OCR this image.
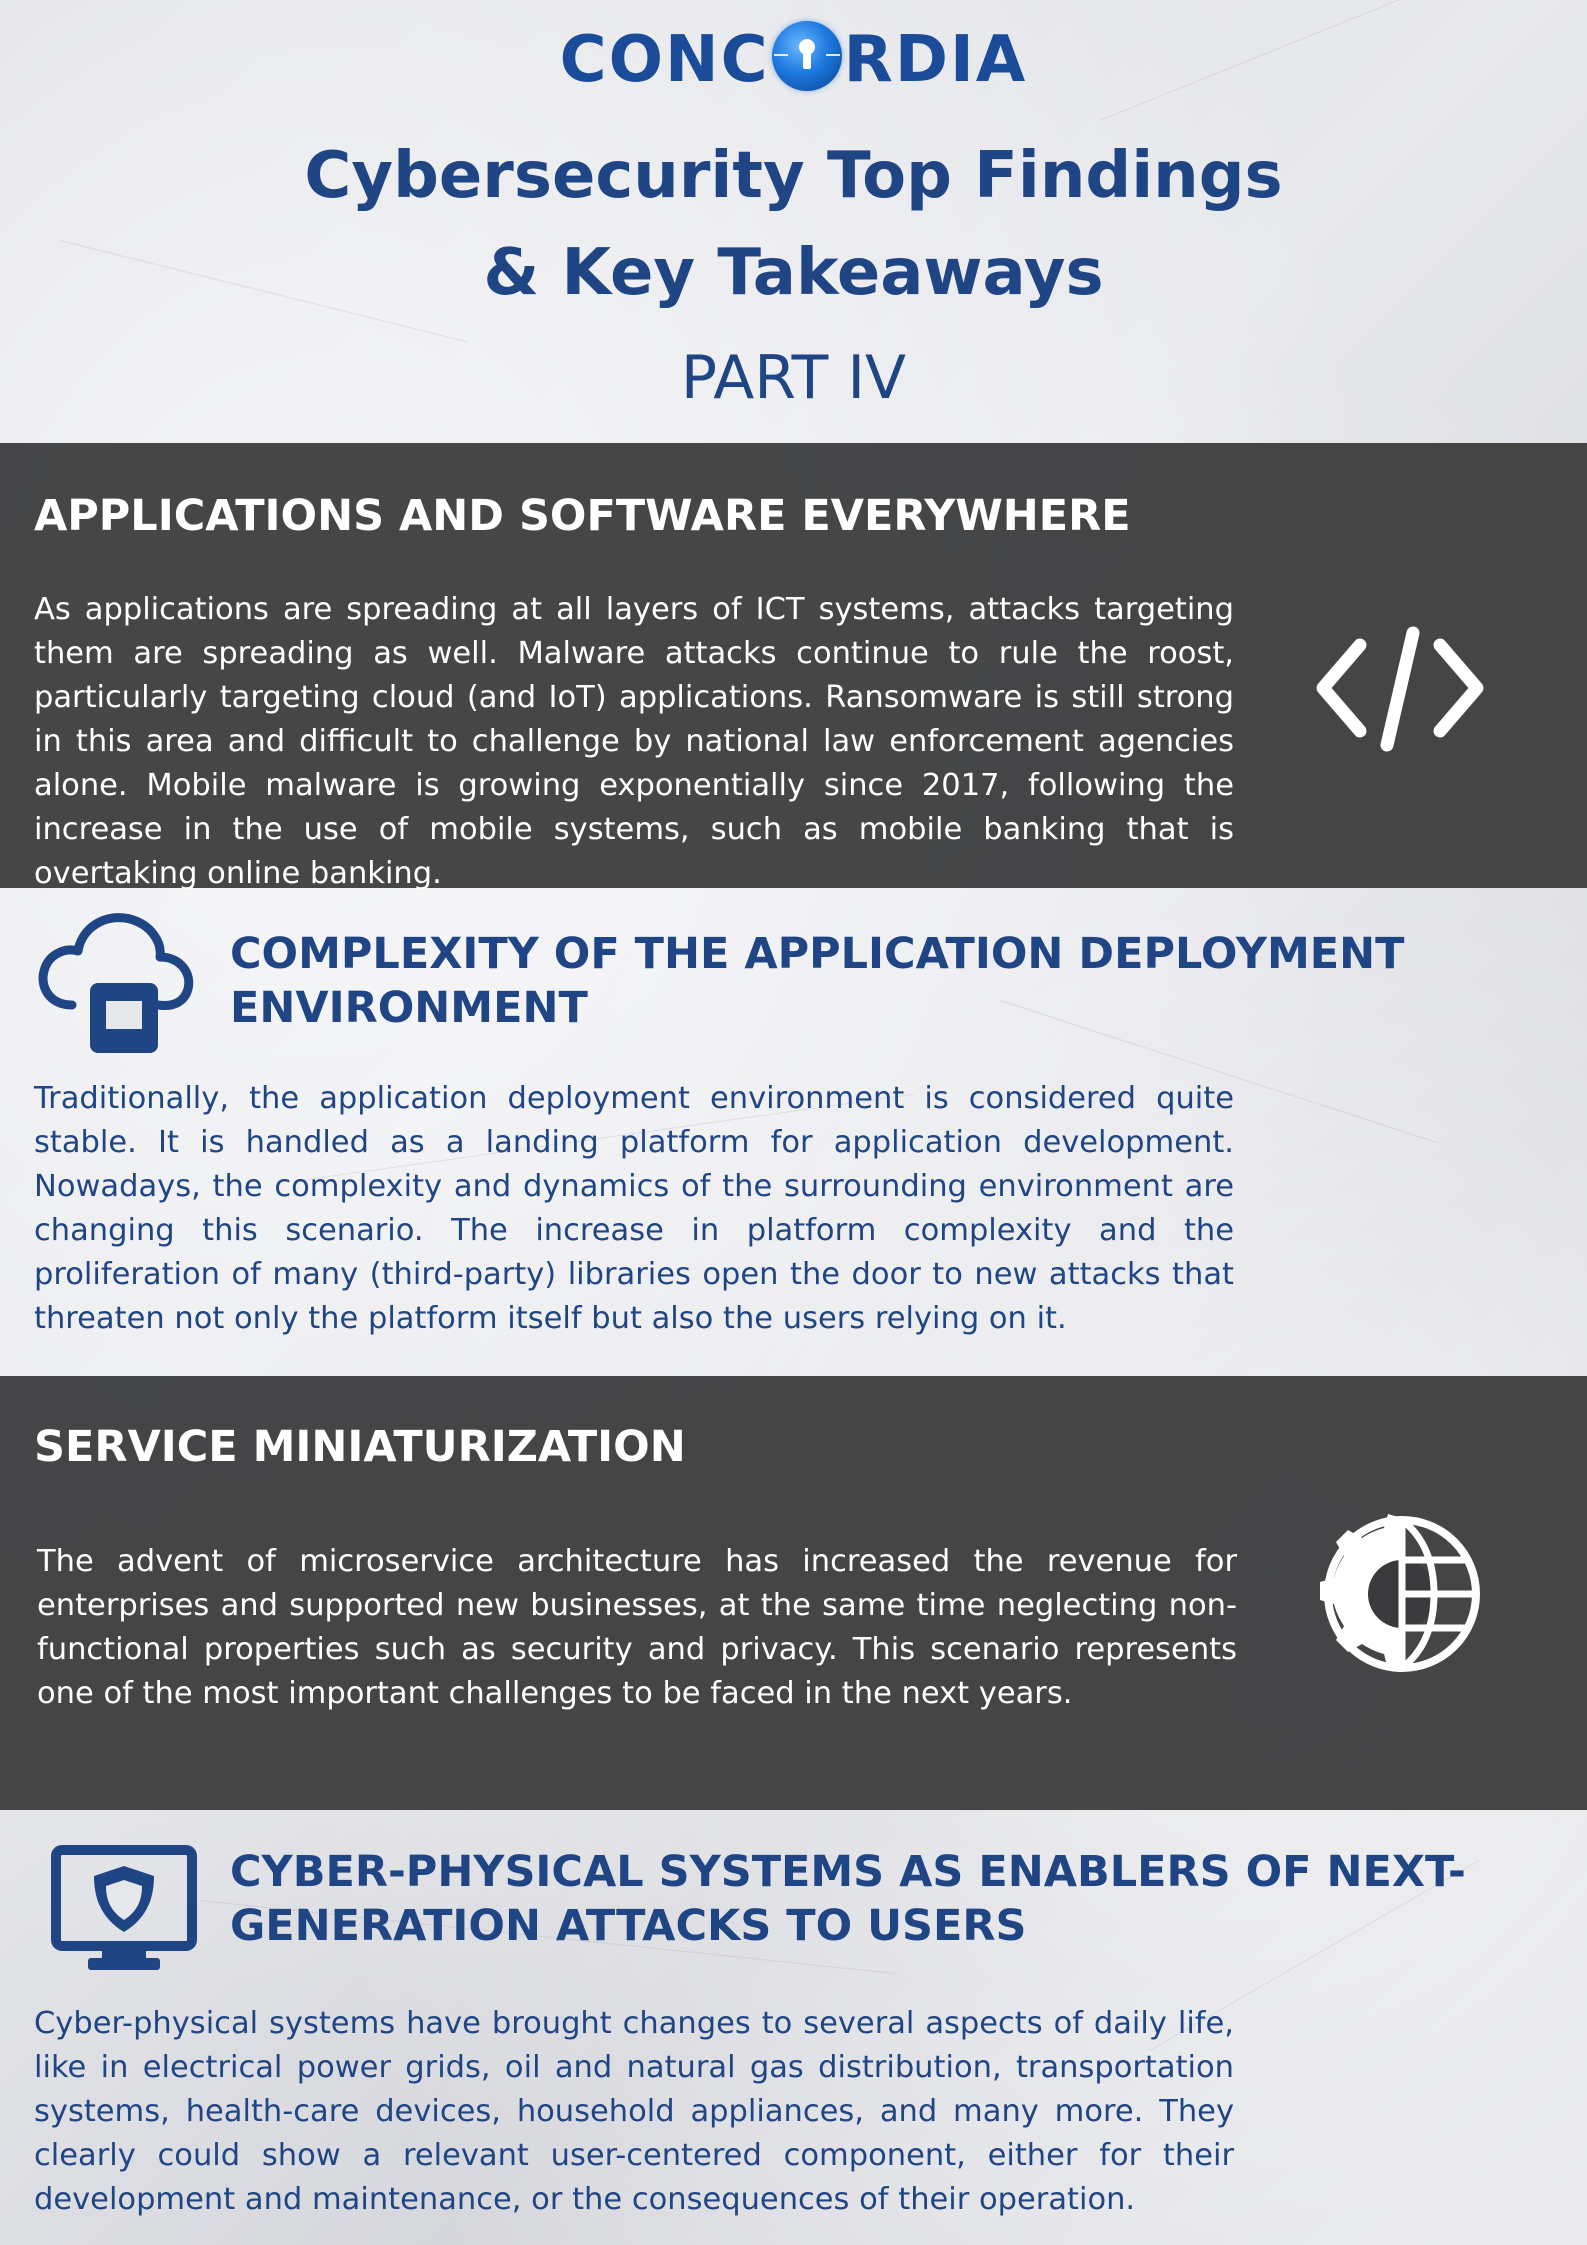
CONC RDIA
Cybersecurity Top Findings
& Key Takeaways
PART IV
APPLICATIONS AND SOFTWARE EVERYWHERE
As applications are spreading at all layers of ICT systems, attacks targeting them are spreading as well. Malware attacks continue to rule the roost, particularly targeting cloud (and IoT) applications. Ransomware is still strong in this area and difficult to challenge by national law enforcement agencies alone. Mobile malware is growing exponentially since 2017, following the increase in the use of mobile systems, such as mobile banking that is overtaking online banking.
COMPLEXITY OF THE APPLICATION DEPLOYMENT
ENVIRONMENT
Traditionally, the application deployment environment is considered quite stable. It is handled as a landing platform for application development. Nowadays, the complexity and dynamics of the surrounding environment are changing this scenario. The increase in platform complexity and the proliferation of many (third-party) libraries open the door to new attacks that threaten not only the platform itself but also the users relying on it.
SERVICE MINIATURIZATION
The advent of microservice architecture has increased the revenue for enterprises and supported new businesses, at the same time neglecting non-functional properties such as security and privacy. This scenario represents one of the most important challenges to be faced in the next years.
CYBER-PHYSICAL SYSTEMS AS ENABLERS OF NEXT-
GENERATION ATTACKS TO USERS
Cyber-physical systems have brought changes to several aspects of daily life, like in electrical power grids, oil and natural gas distribution, transportation systems, health-care devices, household appliances, and many more. They clearly could show a relevant user-centered component, either for their development and maintenance, or the consequences of their operation.
